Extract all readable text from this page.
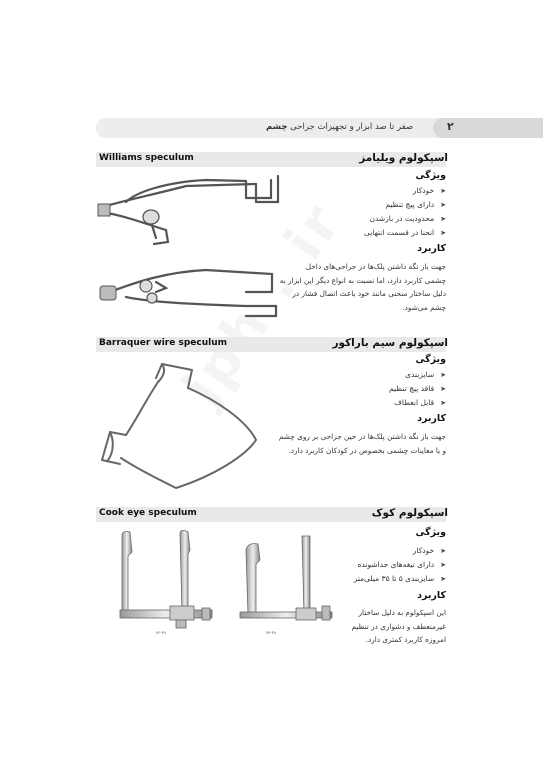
صفر تا صد ابزار و تجهیزات جراحی چشم	۲
Williams speculum	اسپکولوم ویلیامز
ویژگی
➤خودکار
➤دارای پیچ تنظیم
➤محدودیت در بازشدن
➤انحنا در قسمت انتهایی
کاربرد
جهت باز نگه داشتن پلک‌ها در جراحی‌های داخل
چشمی کاربرد دارد، اما نسبت به انواع دیگر این ابزار به
دلیل ساختار منحنی مانند خود باعث اتصال فشار در
چشم می‌شود.
Barraquer wire speculum	اسپکولوم سیم باراکور
ویژگی
➤سایزبندی
➤فاقد پیچ تنظیم
➤قابل انعطاف
کاربرد
جهت باز نگه داشتن پلک‌ها در حین جراحی بر روی چشم
و یا معاینات چشمی بخصوص در کودکان کاربرد دارد.
Cook eye speculum	اسپکولوم کوک
ویژگی
➤خودکار
➤دارای تیغه‌های جداشونده
➤سایزبندی ۵ تا ۳۵ میلی‌متر
کاربرد
این اسپکولوم به دلیل ساختار
غیرمنعطف و دشواری در تنظیم
امروزه کاربرد کمتری دارد.
٣٨-٧٢	٣٨-٧٣
